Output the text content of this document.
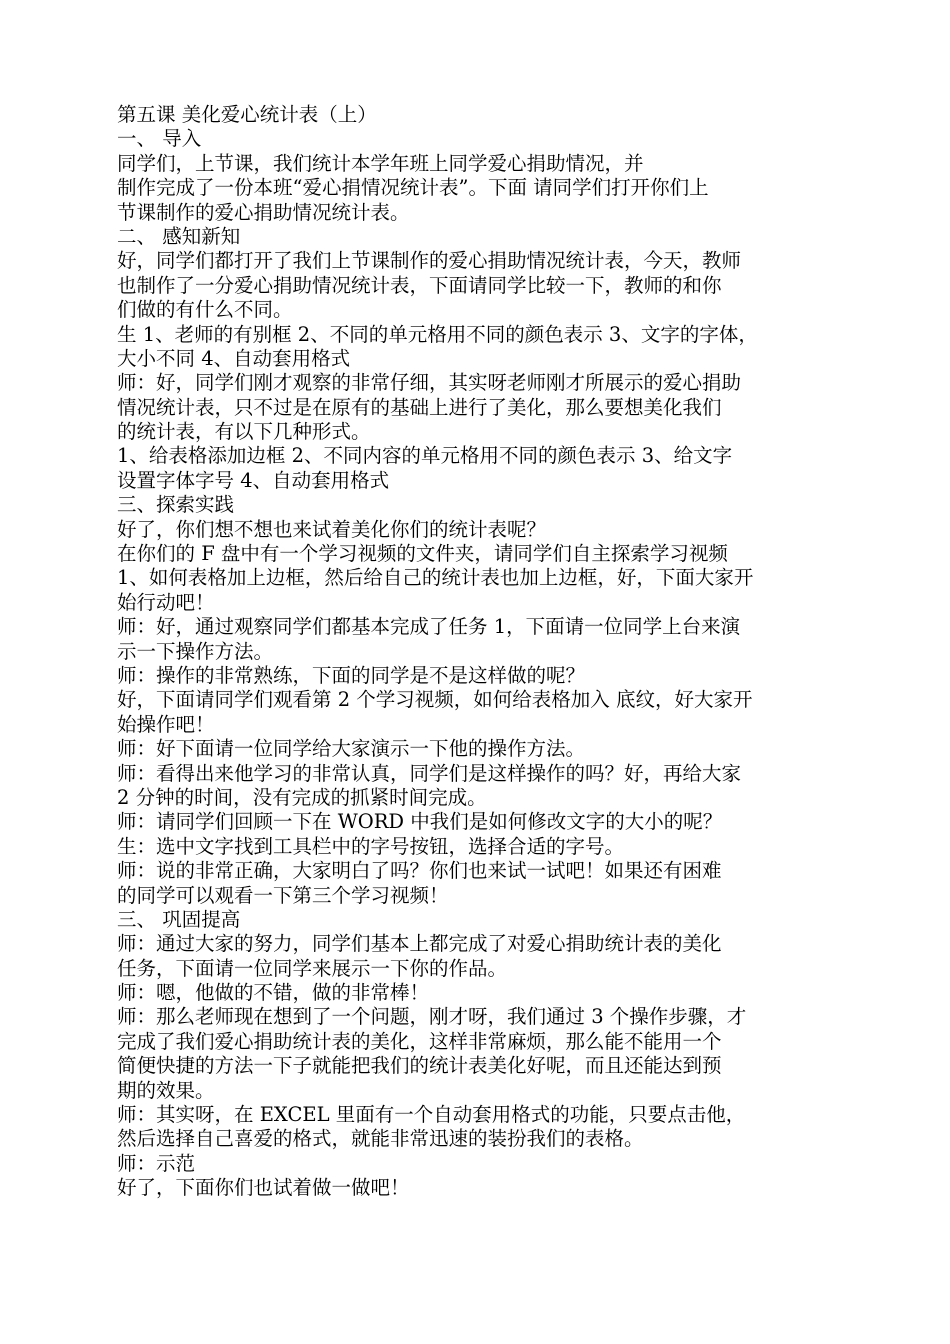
第五课 美化爱心统计表（上）
一、 导入
同学们，上节课，我们统计本学年班上同学爱心捐助情况，并
制作完成了一份本班“爱心捐情况统计表”。下面 请同学们打开你们上
节课制作的爱心捐助情况统计表。
二、 感知新知
好，同学们都打开了我们上节课制作的爱心捐助情况统计表，今天，教师
也制作了一分爱心捐助情况统计表，下面请同学比较一下，教师的和你
们做的有什么不同。
生 1、老师的有别框 2、不同的单元格用不同的颜色表示 3、文字的字体，
大小不同 4、自动套用格式
师：好，同学们刚才观察的非常仔细，其实呀老师刚才所展示的爱心捐助
情况统计表，只不过是在原有的基础上进行了美化，那么要想美化我们
的统计表，有以下几种形式。
1、给表格添加边框 2、不同内容的单元格用不同的颜色表示 3、给文字
设置字体字号 4、自动套用格式
三、探索实践
好了，你们想不想也来试着美化你们的统计表呢？
在你们的 F 盘中有一个学习视频的文件夹，请同学们自主探索学习视频
1、如何表格加上边框，然后给自己的统计表也加上边框，好，下面大家开
始行动吧！
师：好，通过观察同学们都基本完成了任务 1，下面请一位同学上台来演
示一下操作方法。
师：操作的非常熟练，下面的同学是不是这样做的呢？
好，下面请同学们观看第 2 个学习视频，如何给表格加入 底纹，好大家开
始操作吧！
师：好下面请一位同学给大家演示一下他的操作方法。
师：看得出来他学习的非常认真，同学们是这样操作的吗？好，再给大家
2 分钟的时间，没有完成的抓紧时间完成。
师：请同学们回顾一下在 WORD 中我们是如何修改文字的大小的呢？
生：选中文字找到工具栏中的字号按钮，选择合适的字号。
师：说的非常正确，大家明白了吗？你们也来试一试吧！如果还有困难
的同学可以观看一下第三个学习视频！
三、 巩固提高
师：通过大家的努力，同学们基本上都完成了对爱心捐助统计表的美化
任务，下面请一位同学来展示一下你的作品。
师：嗯，他做的不错，做的非常棒！
师：那么老师现在想到了一个问题，刚才呀，我们通过 3 个操作步骤，才
完成了我们爱心捐助统计表的美化，这样非常麻烦，那么能不能用一个
简便快捷的方法一下子就能把我们的统计表美化好呢，而且还能达到预
期的效果。
师：其实呀，在 EXCEL 里面有一个自动套用格式的功能，只要点击他，
然后选择自己喜爱的格式，就能非常迅速的装扮我们的表格。
师：示范
好了，下面你们也试着做一做吧！
